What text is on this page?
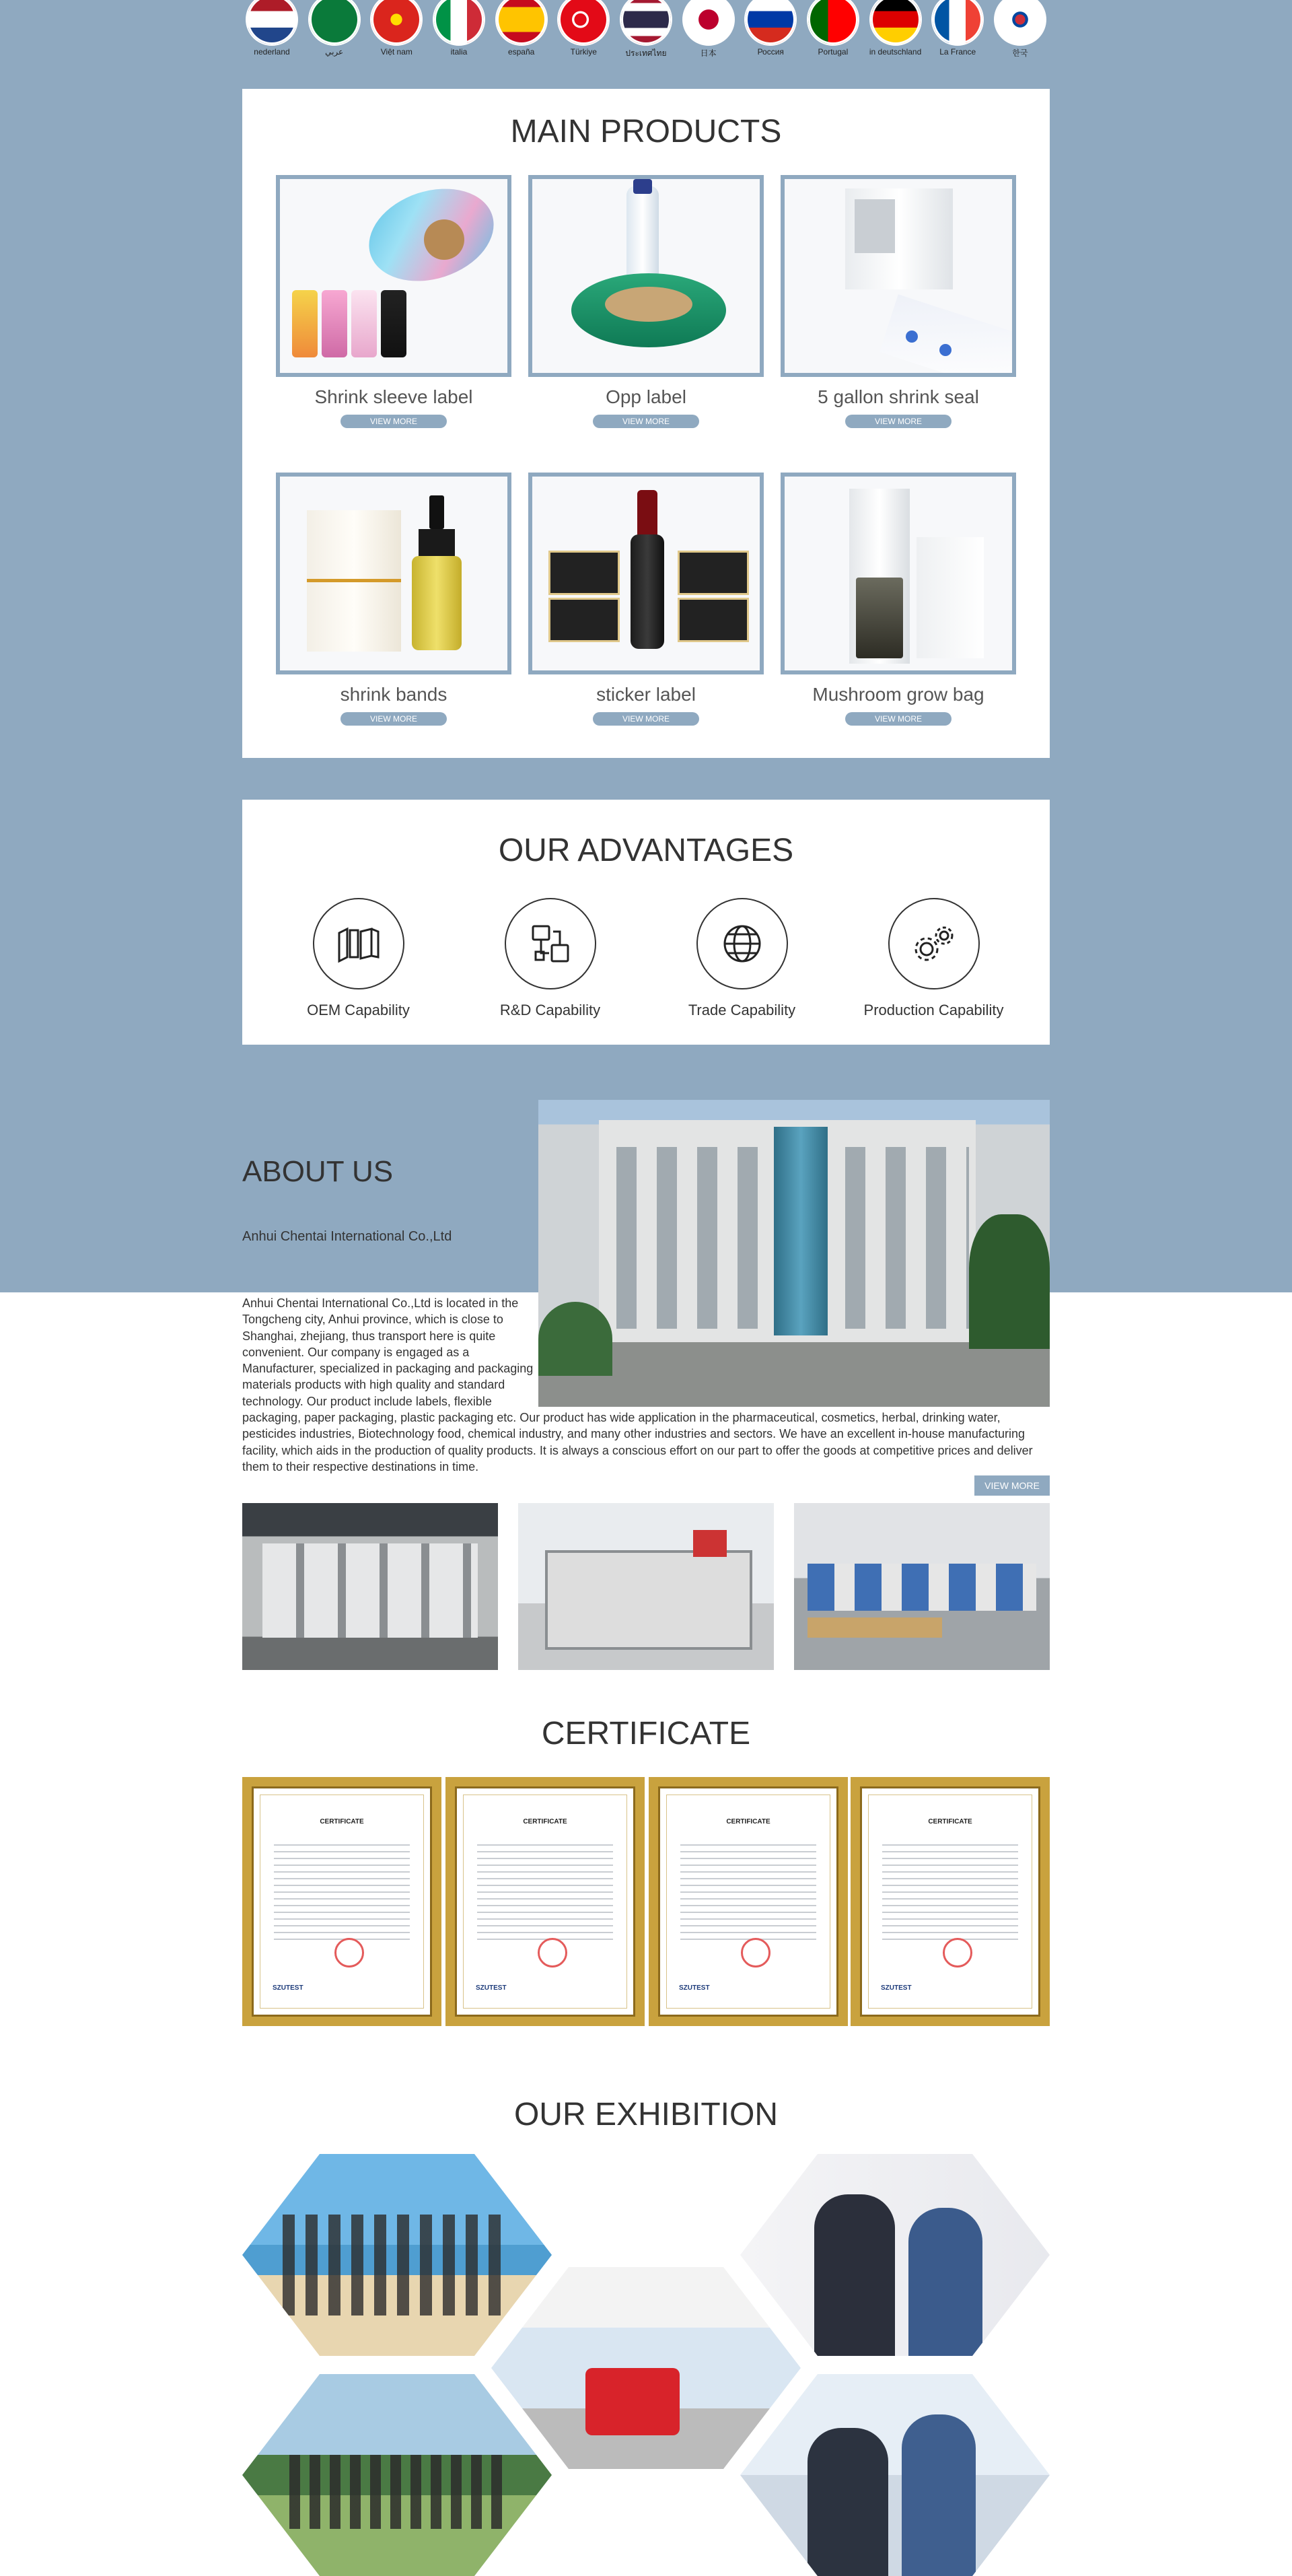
nederland	عربي	Việt nam	italia	españa	Türkiye	ประเทศไทย	日本	Россия	Portugal	in deutschland	La France	한국
MAIN PRODUCTS
Shrink sleeve label
VIEW MORE
Opp label
VIEW MORE
5 gallon shrink seal
VIEW MORE
shrink bands
VIEW MORE
sticker label
VIEW MORE
Mushroom grow bag
VIEW MORE
OUR ADVANTAGES
OEM Capability	R&D Capability	Trade Capability	Production Capability
ABOUT US
Anhui Chentai International Co.,Ltd
Anhui Chentai International Co.,Ltd is located in the Tongcheng city, Anhui province, which is close to Shanghai, zhejiang, thus transport here is quite convenient. Our company is engaged as a Manufacturer, specialized in packaging and packaging materials products with high quality and standard technology. Our product include labels, flexible packaging, paper packaging, plastic packaging etc. Our product has wide application in the pharmaceutical, cosmetics, herbal, drinking water, pesticides industries, Biotechnology food, chemical industry, and many other industries and sectors. We have an excellent in-house manufacturing facility, which aids in the production of quality products. It is always a conscious effort on our part to offer the goods at competitive prices and deliver them to their respective destinations in time.
VIEW MORE
CERTIFICATE
CERTIFICATE
SZUTEST
CERTIFICATE
SZUTEST
CERTIFICATE
SZUTEST
CERTIFICATE
SZUTEST
OUR EXHIBITION
